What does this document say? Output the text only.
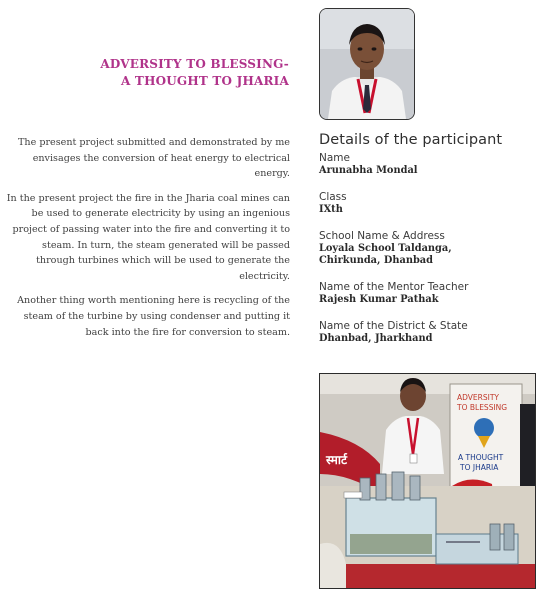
ADVERSITY TO BLESSING-
A THOUGHT TO JHARIA

The present project submitted and demonstrated by me envisages the conversion of heat energy to electrical energy.

In the present project the fire in the Jharia coal mines can be used to generate electricity by using an ingenious project of passing water into the fire and converting it to steam. In turn, the steam generated will be passed through turbines which will be used to generate the electricity.

Another thing worth mentioning here is recycling of the steam of the turbine by using condenser and putting it back into the fire for conversion to steam.

Details of the participant
Name
Arunabha Mondal
Class
IXth
School Name & Address
Loyala School Taldanga,
Chirkunda, Dhanbad
Name of the Mentor Teacher
Rajesh Kumar Pathak
Name of the District & State
Dhanbad, Jharkhand
स्मार्ट
ADVERSITY
TO BLESSING
A THOUGHT
TO JHARIA
